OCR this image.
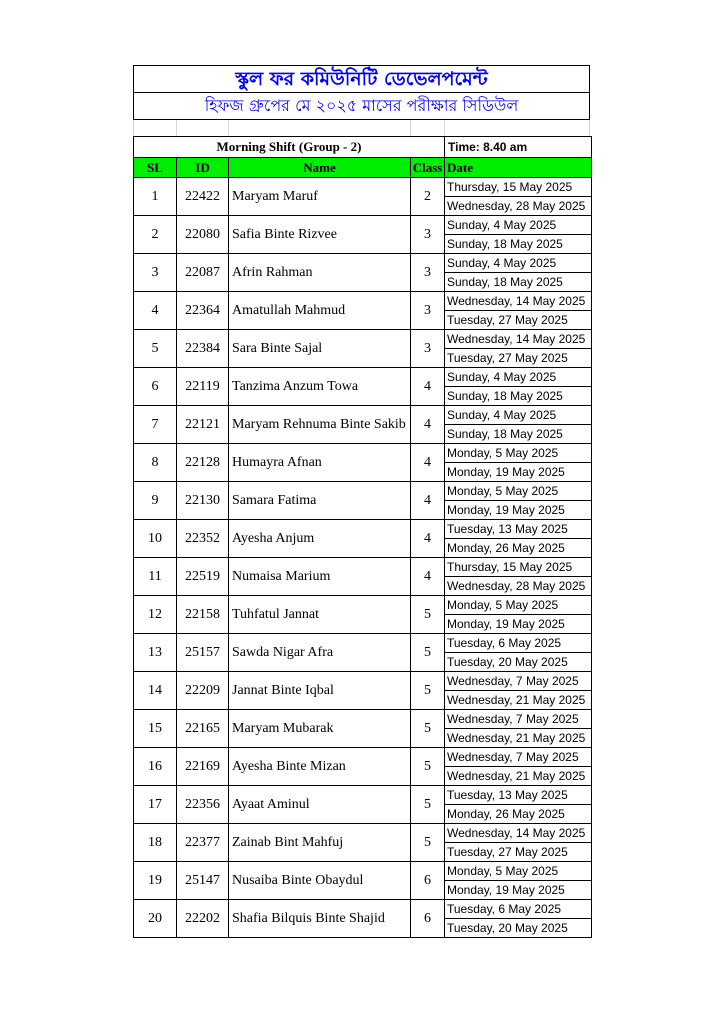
স্কুল ফর কমিউনিটি ডেভেলপমেন্ট
হিফজ গ্রুপের মে ২০২৫ মাসের পরীক্ষার সিডিউল
Morning Shift (Group - 2)				Time: 8.40 am
SL	ID	Name	Class	Date
1	22422	Maryam Maruf	2	Thursday, 15 May 2025
				Wednesday, 28 May 2025
2	22080	Safia Binte Rizvee	3	Sunday, 4 May 2025
				Sunday, 18 May 2025
3	22087	Afrin Rahman	3	Sunday, 4 May 2025
				Sunday, 18 May 2025
4	22364	Amatullah Mahmud	3	Wednesday, 14 May 2025
				Tuesday, 27 May 2025
5	22384	Sara Binte Sajal	3	Wednesday, 14 May 2025
				Tuesday, 27 May 2025
6	22119	Tanzima Anzum Towa	4	Sunday, 4 May 2025
				Sunday, 18 May 2025
7	22121	Maryam Rehnuma Binte Sakib	4	Sunday, 4 May 2025
				Sunday, 18 May 2025
8	22128	Humayra Afnan	4	Monday, 5 May 2025
				Monday, 19 May 2025
9	22130	Samara Fatima	4	Monday, 5 May 2025
				Monday, 19 May 2025
10	22352	Ayesha Anjum	4	Tuesday, 13 May 2025
				Monday, 26 May 2025
11	22519	Numaisa Marium	4	Thursday, 15 May 2025
				Wednesday, 28 May 2025
12	22158	Tuhfatul Jannat	5	Monday, 5 May 2025
				Monday, 19 May 2025
13	25157	Sawda Nigar Afra	5	Tuesday, 6 May 2025
				Tuesday, 20 May 2025
14	22209	Jannat Binte Iqbal	5	Wednesday, 7 May 2025
				Wednesday, 21 May 2025
15	22165	Maryam Mubarak	5	Wednesday, 7 May 2025
				Wednesday, 21 May 2025
16	22169	Ayesha Binte Mizan	5	Wednesday, 7 May 2025
				Wednesday, 21 May 2025
17	22356	Ayaat Aminul	5	Tuesday, 13 May 2025
				Monday, 26 May 2025
18	22377	Zainab Bint Mahfuj	5	Wednesday, 14 May 2025
				Tuesday, 27 May 2025
19	25147	Nusaiba Binte Obaydul	6	Monday, 5 May 2025
				Monday, 19 May 2025
20	22202	Shafia Bilquis Binte Shajid	6	Tuesday, 6 May 2025
				Tuesday, 20 May 2025
